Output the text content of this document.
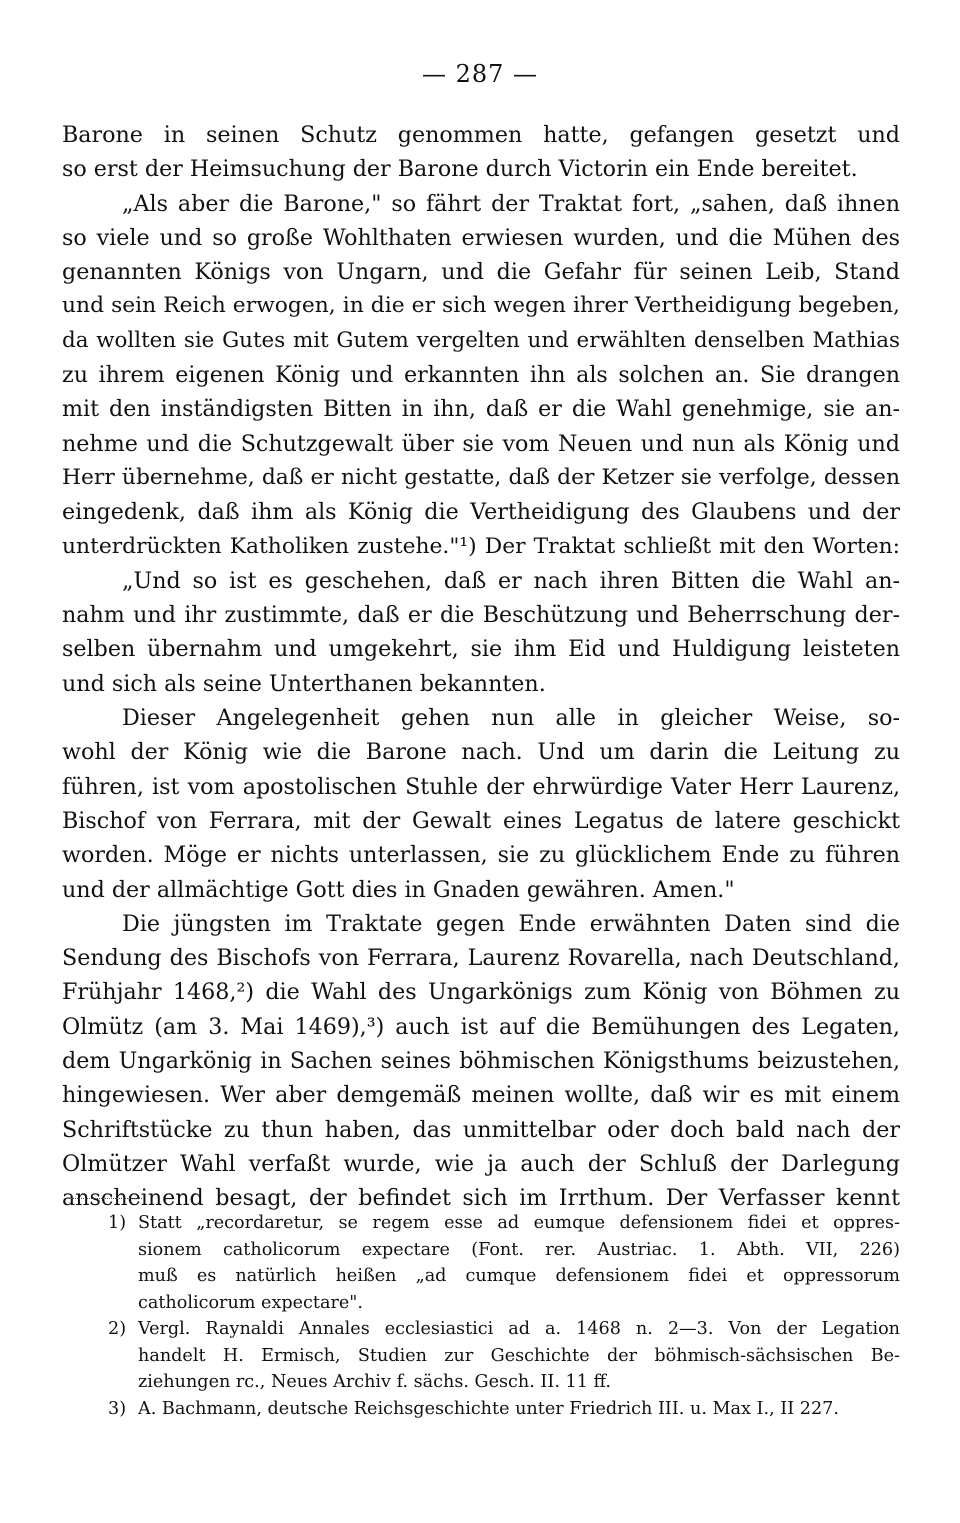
— 287 —
Barone in seinen Schutz genommen hatte, gefangen gesetzt und
so erst der Heimsuchung der Barone durch Victorin ein Ende bereitet.
„Als aber die Barone," so fährt der Traktat fort, „sahen, daß ihnen
so viele und so große Wohlthaten erwiesen wurden, und die Mühen des
genannten Königs von Ungarn, und die Gefahr für seinen Leib, Stand
und sein Reich erwogen, in die er sich wegen ihrer Vertheidigung begeben,
da wollten sie Gutes mit Gutem vergelten und erwählten denselben Mathias
zu ihrem eigenen König und erkannten ihn als solchen an. Sie drangen
mit den inständigsten Bitten in ihn, daß er die Wahl genehmige, sie an-
nehme und die Schutzgewalt über sie vom Neuen und nun als König und
Herr übernehme, daß er nicht gestatte, daß der Ketzer sie verfolge, dessen
eingedenk, daß ihm als König die Vertheidigung des Glaubens und der
unterdrückten Katholiken zustehe."¹) Der Traktat schließt mit den Worten:
„Und so ist es geschehen, daß er nach ihren Bitten die Wahl an-
nahm und ihr zustimmte, daß er die Beschützung und Beherrschung der-
selben übernahm und umgekehrt, sie ihm Eid und Huldigung leisteten
und sich als seine Unterthanen bekannten.
Dieser Angelegenheit gehen nun alle in gleicher Weise, so-
wohl der König wie die Barone nach. Und um darin die Leitung zu
führen, ist vom apostolischen Stuhle der ehrwürdige Vater Herr Laurenz,
Bischof von Ferrara, mit der Gewalt eines Legatus de latere geschickt
worden. Möge er nichts unterlassen, sie zu glücklichem Ende zu führen
und der allmächtige Gott dies in Gnaden gewähren. Amen."
Die jüngsten im Traktate gegen Ende erwähnten Daten sind die
Sendung des Bischofs von Ferrara, Laurenz Rovarella, nach Deutschland,
Frühjahr 1468,²) die Wahl des Ungarkönigs zum König von Böhmen zu
Olmütz (am 3. Mai 1469),³) auch ist auf die Bemühungen des Legaten,
dem Ungarkönig in Sachen seines böhmischen Königsthums beizustehen,
hingewiesen. Wer aber demgemäß meinen wollte, daß wir es mit einem
Schriftstücke zu thun haben, das unmittelbar oder doch bald nach der
Olmützer Wahl verfaßt wurde, wie ja auch der Schluß der Darlegung
anscheinend besagt, der befindet sich im Irrthum. Der Verfasser kennt
1) Statt „recordaretur, se regem esse ad eumque defensionem fidei et oppres-
sionem catholicorum expectare (Font. rer. Austriac. 1. Abth. VII, 226)
muß es natürlich heißen „ad cumque defensionem fidei et oppressorum
catholicorum expectare".
2) Vergl. Raynaldi Annales ecclesiastici ad a. 1468 n. 2—3. Von der Legation
handelt H. Ermisch, Studien zur Geschichte der böhmisch-sächsischen Be-
ziehungen rc., Neues Archiv f. sächs. Gesch. II. 11 ff.
3) A. Bachmann, deutsche Reichsgeschichte unter Friedrich III. u. Max I., II 227.
